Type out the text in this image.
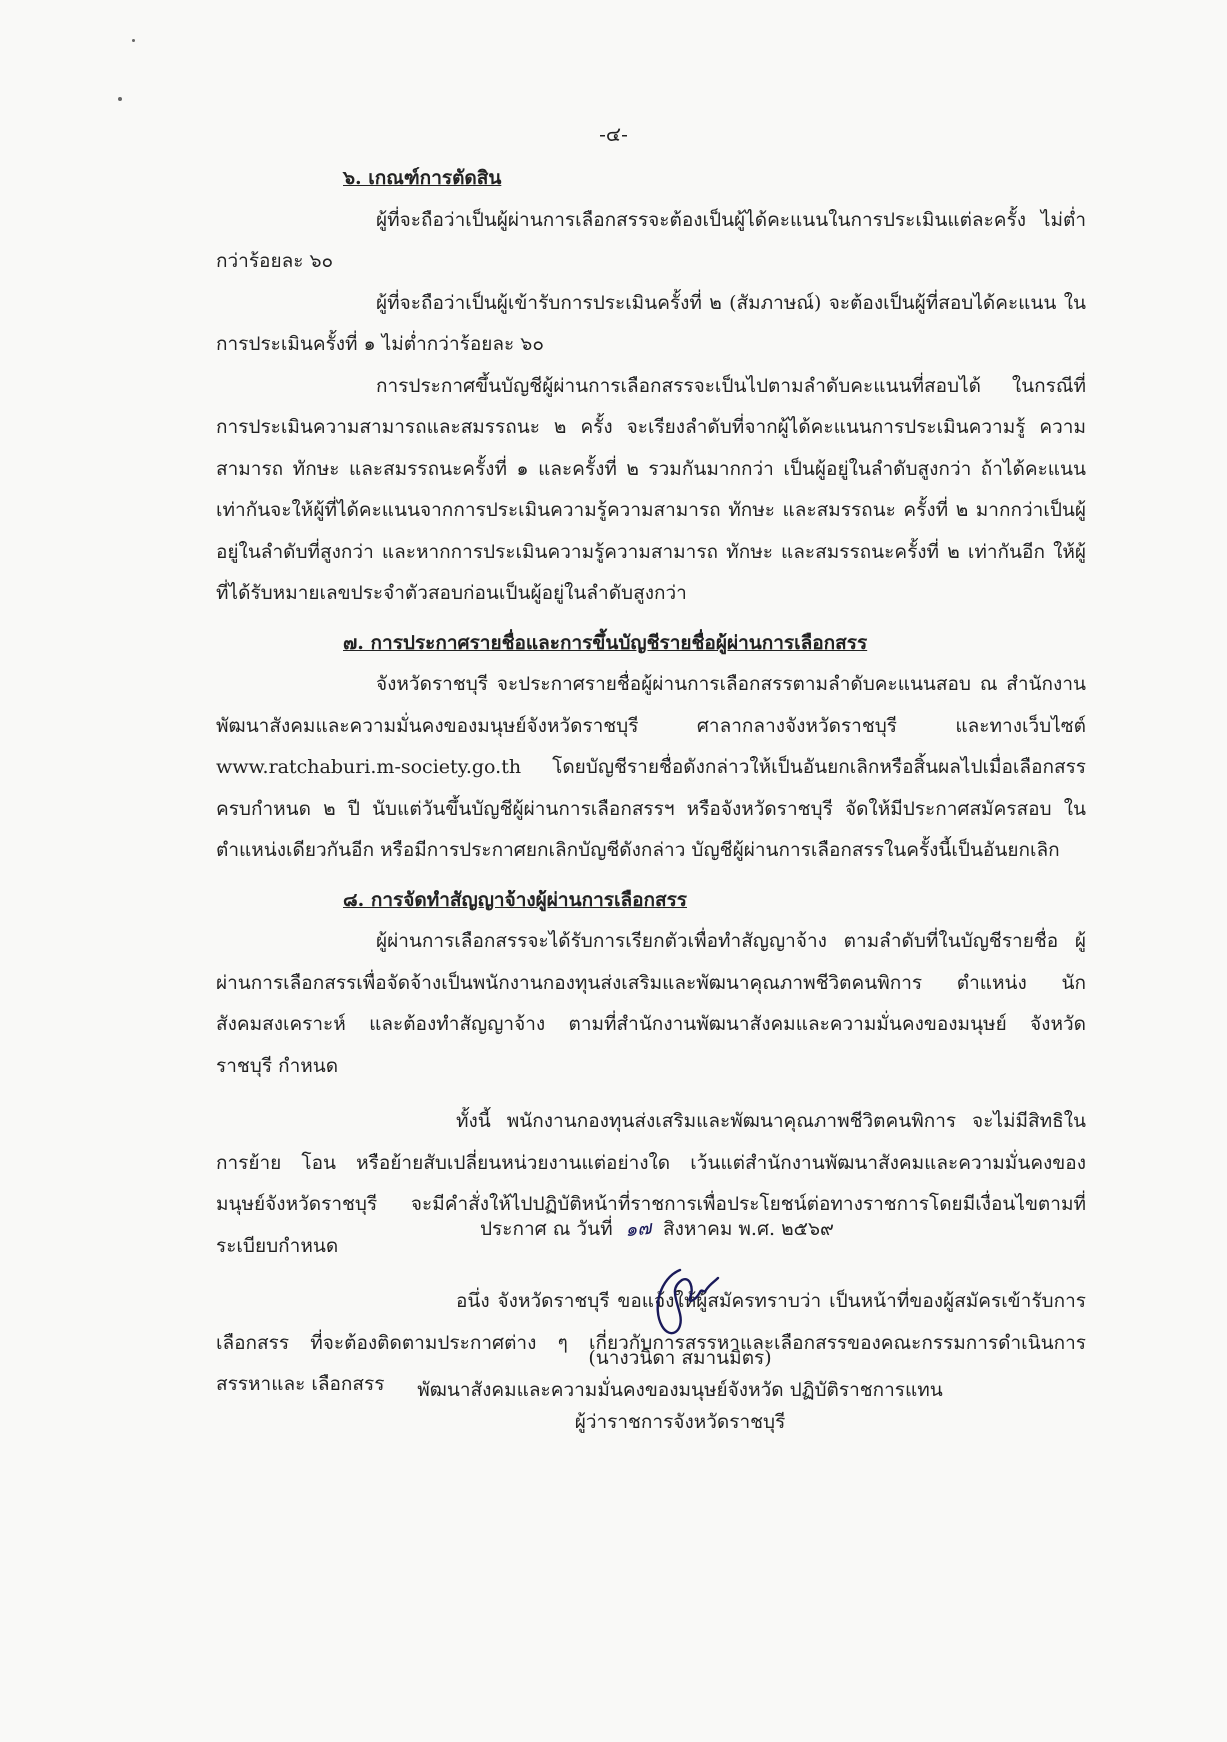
-๔-

๖. เกณฑ์การตัดสิน

ผู้ที่จะถือว่าเป็นผู้ผ่านการเลือกสรรจะต้องเป็นผู้ได้คะแนนในการประเมินแต่ละครั้ง ไม่ต่ำกว่าร้อยละ ๖๐

ผู้ที่จะถือว่าเป็นผู้เข้ารับการประเมินครั้งที่ ๒ (สัมภาษณ์) จะต้องเป็นผู้ที่สอบได้คะแนน ในการประเมินครั้งที่ ๑ ไม่ต่ำกว่าร้อยละ ๖๐

การประกาศขึ้นบัญชีผู้ผ่านการเลือกสรรจะเป็นไปตามลำดับคะแนนที่สอบได้ ในกรณีที่ การประเมินความสามารถและสมรรถนะ ๒ ครั้ง จะเรียงลำดับที่จากผู้ได้คะแนนการประเมินความรู้ ความสามารถ ทักษะ และสมรรถนะครั้งที่ ๑ และครั้งที่ ๒ รวมกันมากกว่า เป็นผู้อยู่ในลำดับสูงกว่า ถ้าได้คะแนนเท่ากันจะให้ผู้ที่ได้คะแนนจากการประเมินความรู้ความสามารถ ทักษะ และสมรรถนะ ครั้งที่ ๒ มากกว่าเป็นผู้อยู่ในลำดับที่สูงกว่า และหากการประเมินความรู้ความสามารถ ทักษะ และสมรรถนะครั้งที่ ๒ เท่ากันอีก ให้ผู้ที่ได้รับหมายเลขประจำตัวสอบก่อนเป็นผู้อยู่ในลำดับสูงกว่า

๗. การประกาศรายชื่อและการขึ้นบัญชีรายชื่อผู้ผ่านการเลือกสรร

จังหวัดราชบุรี จะประกาศรายชื่อผู้ผ่านการเลือกสรรตามลำดับคะแนนสอบ ณ สำนักงานพัฒนาสังคมและความมั่นคงของมนุษย์จังหวัดราชบุรี ศาลากลางจังหวัดราชบุรี และทางเว็บไซต์ www.ratchaburi.m-society.go.th โดยบัญชีรายชื่อดังกล่าวให้เป็นอันยกเลิกหรือสิ้นผลไปเมื่อเลือกสรร ครบกำหนด ๒ ปี นับแต่วันขึ้นบัญชีผู้ผ่านการเลือกสรรฯ หรือจังหวัดราชบุรี จัดให้มีประกาศสมัครสอบ ในตำแหน่งเดียวกันอีก หรือมีการประกาศยกเลิกบัญชีดังกล่าว บัญชีผู้ผ่านการเลือกสรรในครั้งนี้เป็นอันยกเลิก

๘. การจัดทำสัญญาจ้างผู้ผ่านการเลือกสรร

ผู้ผ่านการเลือกสรรจะได้รับการเรียกตัวเพื่อทำสัญญาจ้าง ตามลำดับที่ในบัญชีรายชื่อ ผู้ผ่านการเลือกสรรเพื่อจัดจ้างเป็นพนักงานกองทุนส่งเสริมและพัฒนาคุณภาพชีวิตคนพิการ ตำแหน่ง นักสังคมสงเคราะห์ และต้องทำสัญญาจ้าง ตามที่สำนักงานพัฒนาสังคมและความมั่นคงของมนุษย์ จังหวัดราชบุรี กำหนด

ทั้งนี้ พนักงานกองทุนส่งเสริมและพัฒนาคุณภาพชีวิตคนพิการ จะไม่มีสิทธิในการย้าย โอน หรือย้ายสับเปลี่ยนหน่วยงานแต่อย่างใด เว้นแต่สำนักงานพัฒนาสังคมและความมั่นคงของมนุษย์จังหวัดราชบุรี จะมีคำสั่งให้ไปปฏิบัติหน้าที่ราชการเพื่อประโยชน์ต่อทางราชการโดยมีเงื่อนไขตามที่ระเบียบกำหนด

อนึ่ง จังหวัดราชบุรี ขอแจ้งให้ผู้สมัครทราบว่า เป็นหน้าที่ของผู้สมัครเข้ารับการเลือกสรร ที่จะต้องติดตามประกาศต่าง ๆ เกี่ยวกับการสรรหาและเลือกสรรของคณะกรรมการดำเนินการสรรหาและ เลือกสรร

ประกาศ ณ วันที่ ๑๗ สิงหาคม พ.ศ. ๒๕๖๙
(นางวนิดา สมานมิตร)
พัฒนาสังคมและความมั่นคงของมนุษย์จังหวัด ปฏิบัติราชการแทน
ผู้ว่าราชการจังหวัดราชบุรี
